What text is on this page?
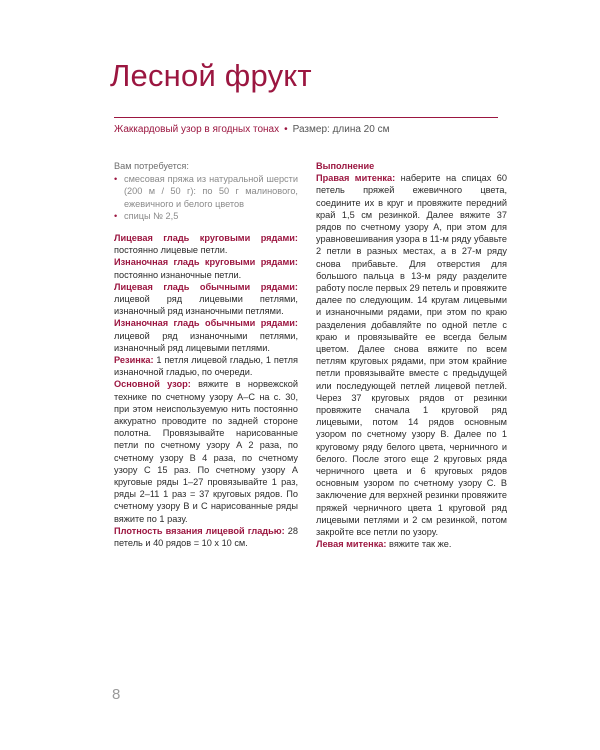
Лесной фрукт
Жаккардовый узор в ягодных тонах • Размер: длина 20 см
Вам потребуется:
• смесовая пряжа из натуральной шерсти (200 м / 50 г): по 50 г малинового, ежевичного и белого цветов
• спицы № 2,5

Лицевая гладь круговыми рядами: постоянно лицевые петли.

Изнаночная гладь круговыми рядами: постоянно изнаночные петли.

Лицевая гладь обычными рядами: лицевой ряд лицевыми петлями, изнаночный ряд изнаночными петлями.

Изнаночная гладь обычными рядами: лицевой ряд изнаночными петлями, изнаночный ряд лицевыми петлями.

Резинка: 1 петля лицевой гладью, 1 петля изнаночной гладью, по очереди.

Основной узор: вяжите в норвежской технике по счетному узору А–С на с. 30, при этом неиспользуемую нить постоянно аккуратно проводите по задней стороне полотна. Провязывайте нарисованные петли по счетному узору А 2 раза, по счетному узору В 4 раза, по счетному узору С 15 раз. По счетному узору А круговые ряды 1–27 провязывайте 1 раз, ряды 2–11 1 раз = 37 круговых рядов. По счетному узору В и С нарисованные ряды вяжите по 1 разу.

Плотность вязания лицевой гладью: 28 петель и 40 рядов = 10 x 10 см.

Выполнение

Правая митенка: наберите на спицах 60 петель пряжей ежевичного цвета, соедините их в круг и провяжите передний край 1,5 см резинкой. Далее вяжите 37 рядов по счетному узору А, при этом для уравновешивания узора в 11-м ряду убавьте 2 петли в разных местах, а в 27-м ряду снова прибавьте. Для отверстия для большого пальца в 13-м ряду разделите работу после первых 29 петель и провяжите далее по следующим. 14 кругам лицевыми и изнаночными рядами, при этом по краю разделения добавляйте по одной петле с краю и провязывайте ее всегда белым цветом. Далее снова вяжите по всем петлям круговых рядами, при этом крайние петли провязывайте вместе с предыдущей или последующей петлей лицевой петлей. Через 37 круговых рядов от резинки провяжите сначала 1 круговой ряд лицевыми, потом 14 рядов основным узором по счетному узору В. Далее по 1 круговому ряду белого цвета, черничного и белого. После этого еще 2 круговых ряда черничного цвета и 6 круговых рядов основным узором по счетному узору С. В заключение для верхней резинки провяжите пряжей черничного цвета 1 круговой ряд лицевыми петлями и 2 см резинкой, потом закройте все петли по узору.

Левая митенка: вяжите так же.

8
